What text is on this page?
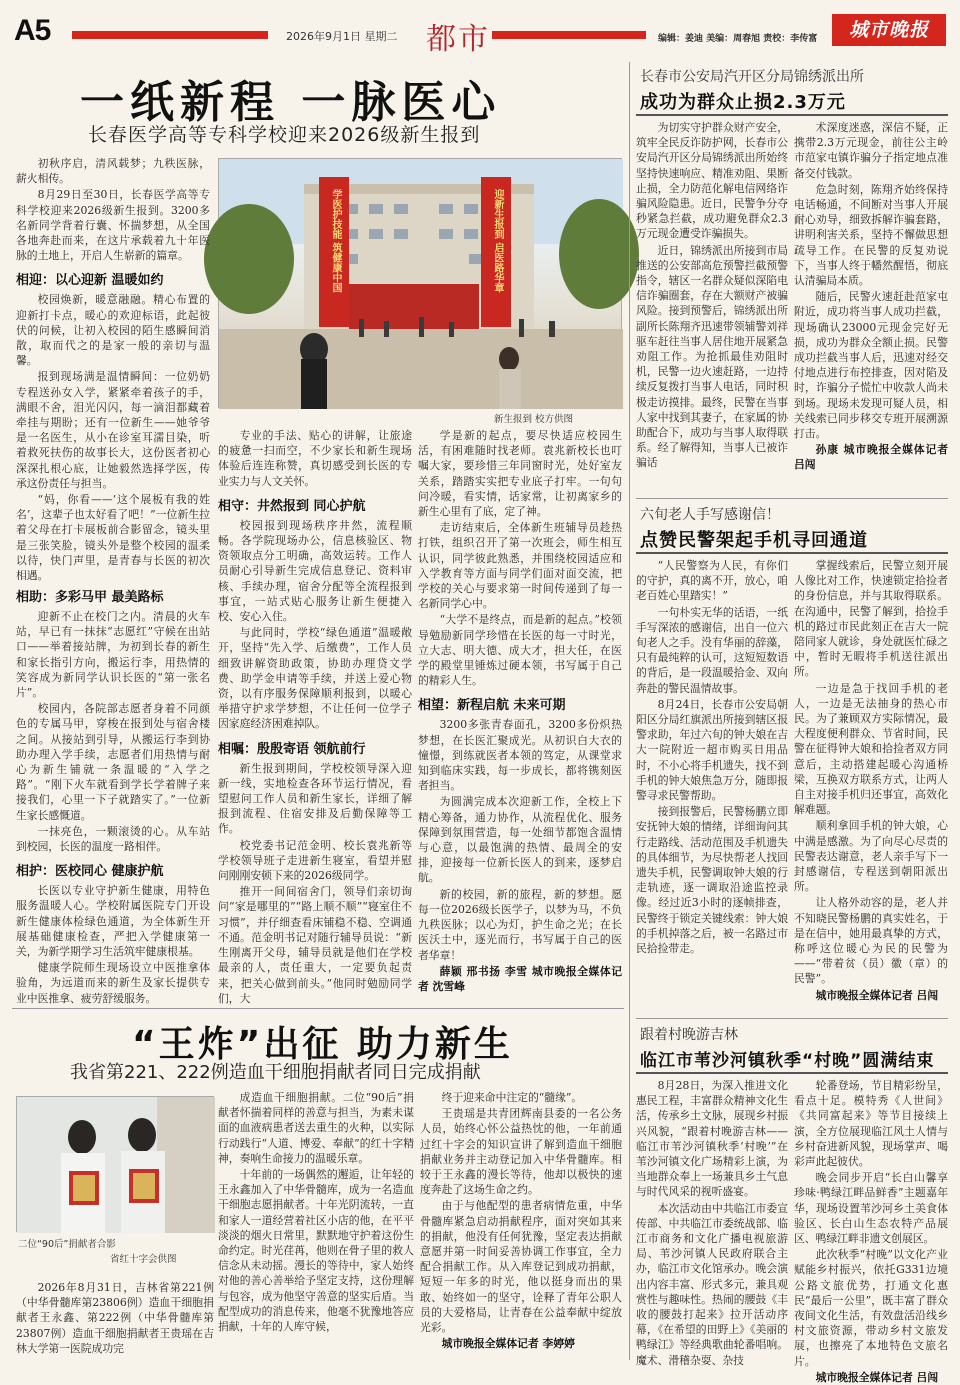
A5	2026年9月1日 星期二 都市	编辑：姜迪 美编：周春旭 责校：李传富	城市晚报
一纸新程 一脉医心
长春医学高等专科学校迎来2026级新生报到
学医护技能 筑健康中国	迎新生报到 启医路华章
新生报到 校方供图

初秋序启，清风载梦；九秩医脉，薪火相传。

8月29日至30日，长春医学高等专科学校迎来2026级新生报到。3200多名新同学背着行囊、怀揣梦想，从全国各地奔赴而来，在这片承载着九十年医脉的土地上，开启人生崭新的篇章。

相迎：以心迎新 温暖如约

校园焕新，暖意融融。精心布置的迎新打卡点，暖心的欢迎标语，此起彼伏的问候，让初入校园的陌生感瞬间消散，取而代之的是家一般的亲切与温馨。

报到现场满是温情瞬间：一位奶奶专程送孙女入学，紧紧牵着孩子的手，满眼不舍，泪光闪闪，每一滴泪都藏着牵挂与期盼；还有一位新生——她爷爷是一名医生，从小在诊室耳濡目染，听着救死扶伤的故事长大，这份医者初心深深扎根心底，让她毅然选择学医，传承这份责任与担当。

“妈，你看——‘这个展板有我的姓名’，这辈子也太好看了吧！”一位新生拉着父母在打卡展板前合影留念，镜头里是三张笑脸，镜头外是整个校园的温柔以待，快门声里，是青春与长医的初次相遇。

相助：多彩马甲 最美路标

迎新不止在校门之内。清晨的火车站，早已有一抹抹“志愿红”守候在出站口——举着接站牌，为初到长春的新生和家长指引方向，搬运行李，用热情的笑容成为新同学认识长医的“第一张名片”。

校园内，各院部志愿者身着不同颜色的专属马甲，穿梭在报到处与宿舍楼之间。从接站到引导，从搬运行李到协助办理入学手续，志愿者们用热情与耐心为新生铺就一条温暖的“入学之路”。“刚下火车就看到学长学着牌子来接我们，心里一下子就踏实了。”一位新生家长感慨道。

一抹亮色，一颗滚烫的心。从车站到校园，长医的温度一路相伴。

相护：医校同心 健康护航

长医以专业守护新生健康，用特色服务温暖人心。学校附属医院专门开设新生健康体检绿色通道，为全体新生开展基础健康检查，严把入学健康第一关，为新学期学习生活筑牢健康根基。

健康学院师生现场设立中医推拿体验角，为远道而来的新生及家长提供专业中医推拿、疲劳舒缓服务。

专业的手法、贴心的讲解，让旅途的疲惫一扫而空，不少家长和新生现场体验后连连称赞，真切感受到长医的专业实力与人文关怀。

相守：井然报到 同心护航

校园报到现场秩序井然，流程顺畅。各学院现场办公，信息核验区、物资领取点分工明确，高效运转。工作人员耐心引导新生完成信息登记、资料审核、手续办理，宿舍分配等全流程报到事宜，一站式贴心服务让新生便捷入校、安心入住。

与此同时，学校“绿色通道”温暖敞开，坚持“先入学、后缴费”，工作人员细致讲解资助政策，协助办理贷文学费、助学金申请等手续，并送上爱心物资，以有序服务保障顺利报到，以暖心举措守护求学梦想，不让任何一位学子因家庭经济困难掉队。

相嘱：殷殷寄语 领航前行

新生报到期间，学校校领导深入迎新一线，实地检查各环节运行情况，看望慰问工作人员和新生家长，详细了解报到流程、住宿安排及后勤保障等工作。

校党委书记范金明、校长袁兆新等学校领导班子走进新生寝室，看望并慰问刚刚安顿下来的2026级同学。

推开一间间宿舍门，领导们亲切询问“家是哪里的”“路上顺不顺”“寝室住不习惯”，并仔细查看床铺稳不稳、空调通不通。范金明书记对随行辅导员说：“新生刚离开父母，辅导员就是他们在学校最亲的人，责任重大，一定要负起责来，把关心做到前头。”他同时勉励同学们，大

学是新的起点，要尽快适应校园生活，有困难随时找老师。袁兆新校长也叮嘱大家，要珍惜三年同窗时光，处好室友关系，踏踏实实把专业底子打牢。一句句问冷暖，看实情，话家常，让初离家乡的新生心里有了底，定了神。

走访结束后，全体新生班辅导员趁热打铁，组织召开了第一次班会，师生相互认识，同学彼此熟悉，并围绕校园适应和入学教育等方面与同学们面对面交流，把学校的关心与要求第一时间传递到了每一名新同学心中。

“大学不是终点，而是新的起点。”校领导勉励新同学珍惜在长医的每一寸时光，立大志、明大德、成大才，担大任，在医学的殿堂里锤炼过硬本领，书写属于自己的精彩人生。

相望：新程启航 未来可期

3200多张青春面孔，3200多份炽热梦想，在长医汇聚成光。从初识白大衣的憧憬，到练就医者本领的笃定，从课堂求知到临床实践，每一步成长，都将镌刻医者担当。

为圆满完成本次迎新工作，全校上下精心筹备，通力协作，从流程优化、服务保障到氛围营造，每一处细节都饱含温情与心意，以最饱满的热情、最周全的安排，迎接每一位新长医人的到来，逐梦启航。

新的校园，新的旅程，新的梦想。愿每一位2026级长医学子，以梦为马，不负九秩医脉；以心为灯，护生命之光；在长医沃土中，逐光而行，书写属于自己的医者华章！

薛颖 邢书扬 李雪 城市晚报全媒体记者 沈雪峰

长春市公安局汽开区分局锦绣派出所
成功为群众止损2.3万元

为切实守护群众财产安全，筑牢全民反诈防护网，长春市公安局汽开区分局锦绣派出所始终坚持快速响应、精准劝阻、果断止损，全力防范化解电信网络诈骗风险隐患。近日，民警争分夺秒紧急拦截，成功避免群众2.3万元现金遭受诈骗损失。

近日，锦绣派出所接到市局推送的公安部高危预警拦截预警指令，辖区一名群众疑似深陷电信诈骗圈套，存在大额财产被骗风险。接到预警后，锦绣派出所副所长陈翔齐迅速带领辅警刘祥驱车赶往当事人居住地开展紧急劝阻工作。为抢抓最佳劝阻时机，民警一边火速赶路，一边持续反复拨打当事人电话，同时积极走访摸排。最终，民警在当事人家中找到其妻子，在家属的协助配合下，成功与当事人取得联系。经了解得知，当事人已被诈骗话

术深度迷惑，深信不疑，正携带2.3万元现金，前往公主岭市范家屯镇诈骗分子指定地点准备交付钱款。

危急时刻，陈翔齐始终保持电话畅通，不间断对当事人开展耐心劝导，细致拆解诈骗套路，讲明利害关系，坚持不懈做思想疏导工作。在民警的反复劝说下，当事人终于幡然醒悟，彻底认清骗局本质。

随后，民警火速赶赴范家屯附近，成功将当事人成功拦截，现场确认23000元现金完好无损，成功为群众全额止损。民警成功拦截当事人后，迅速对经交付地点进行布控排查，因对陷及时，诈骗分子慌忙中收款人尚未到场。现场未发现可疑人员，相关线索已同步移交专班开展溯源打击。

孙康 城市晚报全媒体记者 吕闯

六旬老人手写感谢信！
点赞民警架起手机寻回通道

“人民警察为人民，有你们的守护，真的离不开，放心，咱老百姓心里踏实！”

一句朴实无华的话语，一纸手写深浓的感谢信，出自一位六旬老人之手。没有华丽的辞藻，只有最纯粹的认可，这短短数语的背后，是一段温暖拾金、双向奔赴的警民温情故事。

8月24日，长春市公安局朝阳区分局红旗派出所接到辖区报警求助，年过六旬的钟大娘在吉大一院附近一超市购买日用品时，不小心将手机遗失，找不到手机的钟大娘焦急万分，随即报警寻求民警帮助。

接到报警后，民警杨鹏立即安抚钟大娘的情绪，详细询问其行走路线、活动范围及手机遗失的具体细节，为尽快帮老人找回遗失手机，民警调取钟大娘的行走轨迹，逐一调取沿途监控录像。经过近3小时的逐帧排查，民警终于锁定关键线索：钟大娘的手机掉落之后，被一名路过市民拾捡带走。

掌握线索后，民警立刻开展人像比对工作，快速锁定拾捡者的身份信息，并与其取得联系。在沟通中，民警了解到，拾捡手机的路过市民此刻正在吉大一院陪同家人就诊，身处就医忙碌之中，暂时无暇将手机送往派出所。

一边是急于找回手机的老人，一边是无法抽身的热心市民。为了兼顾双方实际情况，最大程度便利群众、节省时间，民警在征得钟大娘和拾捡者双方同意后，主动搭建起暖心沟通桥梁，互换双方联系方式，让两人自主对接手机归还事宜，高效化解难题。

顺利拿回手机的钟大娘，心中满是感激。为了向尽心尽责的民警表达谢意，老人亲手写下一封感谢信，专程送到朝阳派出所。

让人格外动容的是，老人并不知晓民警杨鹏的真实姓名，于是在信中，她用最真挚的方式，称呼这位暖心为民的民警为——“带着贫（员）徽（章）的民警”。

城市晚报全媒体记者 吕闯

跟着村晚游吉林
临江市苇沙河镇秋季“村晚”圆满结束

8月28日，为深入推进文化惠民工程，丰富群众精神文化生活，传承乡土文脉，展现乡村振兴风貌，“跟着村晚游吉林——临江市苇沙河镇秋季‘村晚’”在苇沙河镇文化广场精彩上演，为当地群众奉上一场兼具乡土气息与时代风采的视听盛宴。

本次活动由中共临江市委宣传部、中共临江市委统战部、临江市商务和文化广播电视旅游局、苇沙河镇人民政府联合主办，临江市文化馆承办。晚会演出内容丰富、形式多元，兼具观赏性与趣味性。热闹的腰鼓《丰收的腰鼓打起来》拉开活动序幕，《在希望的田野上》《美丽的鸭绿江》等经典歌曲轮番唱响。魔术、滑稽杂耍、杂技

轮番登场，节目精彩纷呈，看点十足。模特秀《人世间》《共同富起来》等节目接续上演，全方位展现临江风土人情与乡村奋进新风貌，现场掌声、喝彩声此起彼伏。

晚会同步开启“长白山馨享珍味·鸭绿江畔品鲜香”主题嘉年华，现场设置苇沙河乡土美食体验区、长白山生态农特产品展区、鸭绿江畔非遗文创展区。

此次秋季“村晚”以文化产业赋能乡村振兴，依托G331边境公路文旅优势，打通文化惠民“最后一公里”，既丰富了群众夜间文化生活，有效盘活沿线乡村文旅资源，带动乡村文旅发展，也擦亮了本地特色文旅名片。

城市晚报全媒体记者 吕闯

“王炸”出征 助力新生
我省第221、222例造血干细胞捐献者同日完成捐献
二位“90后”捐献者合影
省红十字会供图

2026年8月31日，吉林省第221例（中华骨髓库第23806例）造血干细胞捐献者王永鑫、第222例（中华骨髓库第23807例）造血干细胞捐献者王贵瑶在吉林大学第一医院成功完

成造血干细胞捐献。二位“90后”捐献者怀揣着同样的善意与担当，为素未谋面的血液病患者送去重生的火种，以实际行动践行“人道、博爱、奉献”的红十字精神，奏响生命接力的温暖乐章。

十年前的一场偶然的邂逅，让年轻的王永鑫加入了中华骨髓库，成为一名造血干细胞志愿捐献者。十年光阴流转，一直和家人一道经营着社区小店的他，在平平淡淡的烟火日常里，默默地守护着这份生命约定。时光荏苒，他则在骨子里的救人信念从未动摇。漫长的等待中，家人始终对他的善心善举给予坚定支持，这份理解与包容，成为他坚守善意的坚实后盾。当配型成功的消息传来，他毫不犹豫地答应捐献，十年的人库守候，

终于迎来命中注定的“髓缘”。

王贵瑶是共青团辉南县委的一名公务人员，始终心怀公益热忱的他，一年前通过红十字会的知识宣讲了解到造血干细胞捐献业务并主动登记加入中华骨髓库。相较于王永鑫的漫长等待，他却以极快的速度奔赴了这场生命之约。

由于与他配型的患者病情危重，中华骨髓库紧急启动捐献程序，面对突如其来的捐献，他没有任何犹豫，坚定表达捐献意愿并第一时间妥善协调工作事宜，全力配合捐献工作。从入库登记到成功捐献，短短一年多的时光，他以挺身而出的果敢、始终如一的坚守，诠释了青年公职人员的大爱格局，让青春在公益奉献中绽放光彩。

城市晚报全媒体记者 李婷婷
